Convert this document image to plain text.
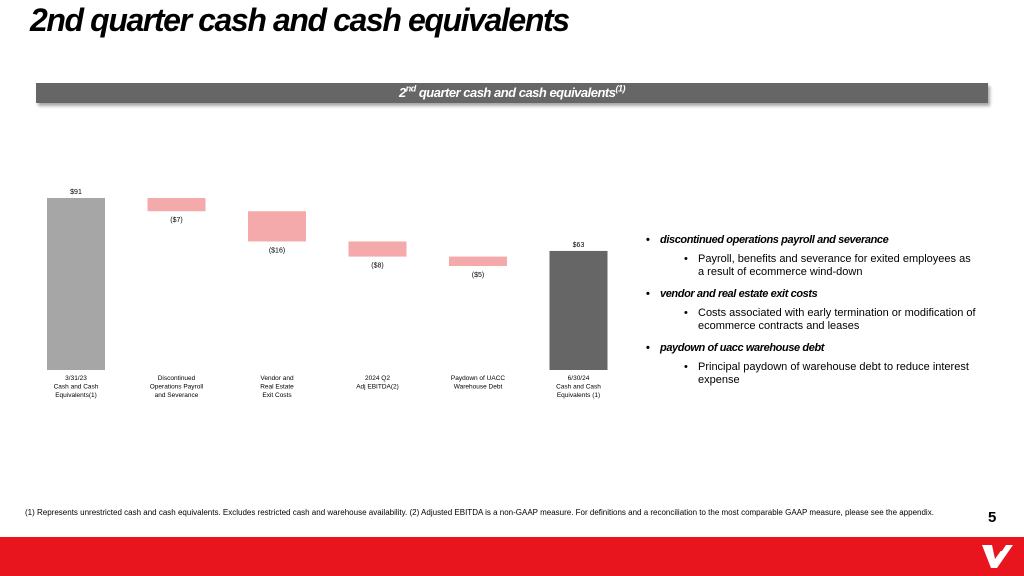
2nd quarter cash and cash equivalents
2nd quarter cash and cash equivalents$^{(1)}$
$91
3/31/23
Cash and Cash
Equivalents(1)
($7)
Discontinued
Operations Payroll
and Severance
($16)
Vendor and
Real Estate
Exit Costs
($8)
2024 Q2
Adj EBITDA(2)
($5)
Paydown of UACC
Warehouse Debt
$63
6/30/24
Cash and Cash
Equivalents (1)
• discontinued operations payroll and severance
• Payroll, benefits and severance for exited employees as a result of ecommerce wind-down
• vendor and real estate exit costs
• Costs associated with early termination or modification of ecommerce contracts and leases
• paydown of uacc warehouse debt
• Principal paydown of warehouse debt to reduce interest expense
(1) Represents unrestricted cash and cash equivalents. Excludes restricted cash and warehouse availability. (2) Adjusted EBITDA is a non-GAAP measure. For definitions and a reconciliation to the most comparable GAAP measure, please see the appendix.	5
